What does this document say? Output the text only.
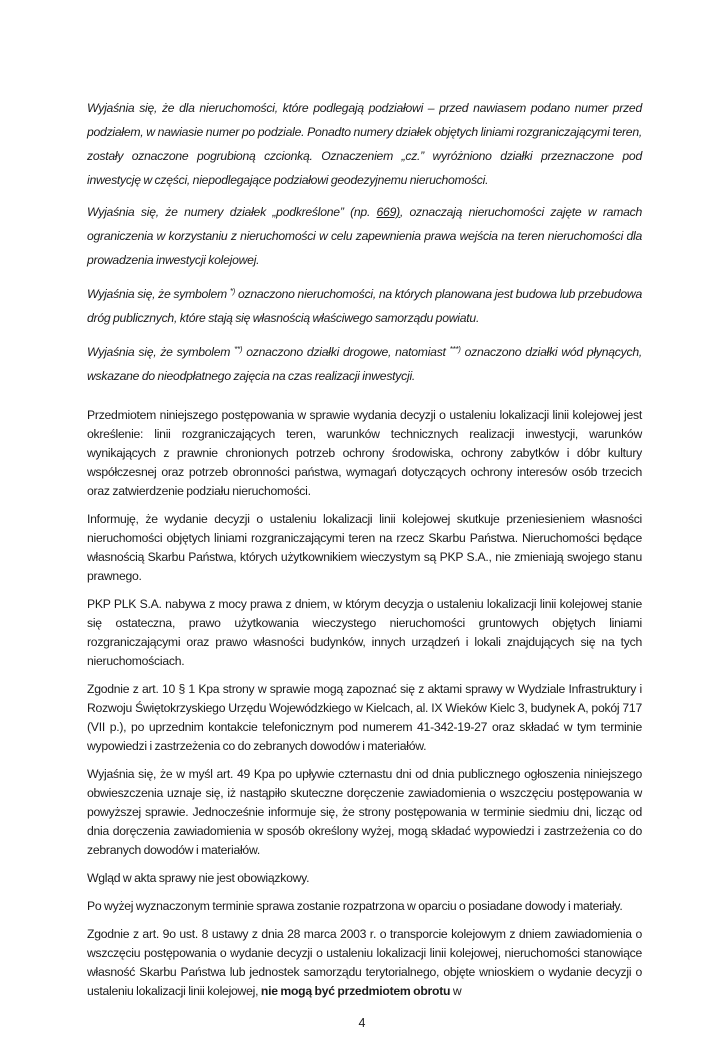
Wyjaśnia się, że dla nieruchomości, które podlegają podziałowi – przed nawiasem podano numer przed podziałem, w nawiasie numer po podziale. Ponadto numery działek objętych liniami rozgraniczającymi teren, zostały oznaczone pogrubioną czcionką. Oznaczeniem „cz.” wyróżniono działki przeznaczone pod inwestycję w części, niepodlegające podziałowi geodezyjnemu nieruchomości.

Wyjaśnia się, że numery działek „podkreślone” (np. 669), oznaczają nieruchomości zajęte w ramach ograniczenia w korzystaniu z nieruchomości w celu zapewnienia prawa wejścia na teren nieruchomości dla prowadzenia inwestycji kolejowej.

Wyjaśnia się, że symbolem *) oznaczono nieruchomości, na których planowana jest budowa lub przebudowa dróg publicznych, które stają się własnością właściwego samorządu powiatu.

Wyjaśnia się, że symbolem **) oznaczono działki drogowe, natomiast ***) oznaczono działki wód płynących, wskazane do nieodpłatnego zajęcia na czas realizacji inwestycji.

Przedmiotem niniejszego postępowania w sprawie wydania decyzji o ustaleniu lokalizacji linii kolejowej jest określenie: linii rozgraniczających teren, warunków technicznych realizacji inwestycji, warunków wynikających z prawnie chronionych potrzeb ochrony środowiska, ochrony zabytków i dóbr kultury współczesnej oraz potrzeb obronności państwa, wymagań dotyczących ochrony interesów osób trzecich oraz zatwierdzenie podziału nieruchomości.

Informuję, że wydanie decyzji o ustaleniu lokalizacji linii kolejowej skutkuje przeniesieniem własności nieruchomości objętych liniami rozgraniczającymi teren na rzecz Skarbu Państwa. Nieruchomości będące własnością Skarbu Państwa, których użytkownikiem wieczystym są PKP S.A., nie zmieniają swojego stanu prawnego.

PKP PLK S.A. nabywa z mocy prawa z dniem, w którym decyzja o ustaleniu lokalizacji linii kolejowej stanie się ostateczna, prawo użytkowania wieczystego nieruchomości gruntowych objętych liniami rozgraniczającymi oraz prawo własności budynków, innych urządzeń i lokali znajdujących się na tych nieruchomościach.

Zgodnie z art. 10 § 1 Kpa strony w sprawie mogą zapoznać się z aktami sprawy w Wydziale Infrastruktury i Rozwoju Świętokrzyskiego Urzędu Wojewódzkiego w Kielcach, al. IX Wieków Kielc 3, budynek A, pokój 717 (VII p.), po uprzednim kontakcie telefonicznym pod numerem 41-342-19-27 oraz składać w tym terminie wypowiedzi i zastrzeżenia co do zebranych dowodów i materiałów.

Wyjaśnia się, że w myśl art. 49 Kpa po upływie czternastu dni od dnia publicznego ogłoszenia niniejszego obwieszczenia uznaje się, iż nastąpiło skuteczne doręczenie zawiadomienia o wszczęciu postępowania w powyższej sprawie. Jednocześnie informuje się, że strony postępowania w terminie siedmiu dni, licząc od dnia doręczenia zawiadomienia w sposób określony wyżej, mogą składać wypowiedzi i zastrzeżenia co do zebranych dowodów i materiałów.

Wgląd w akta sprawy nie jest obowiązkowy.

Po wyżej wyznaczonym terminie sprawa zostanie rozpatrzona w oparciu o posiadane dowody i materiały.

Zgodnie z art. 9o ust. 8 ustawy z dnia 28 marca 2003 r. o transporcie kolejowym z dniem zawiadomienia o wszczęciu postępowania o wydanie decyzji o ustaleniu lokalizacji linii kolejowej, nieruchomości stanowiące własność Skarbu Państwa lub jednostek samorządu terytorialnego, objęte wnioskiem o wydanie decyzji o ustaleniu lokalizacji linii kolejowej, nie mogą być przedmiotem obrotu w

4
